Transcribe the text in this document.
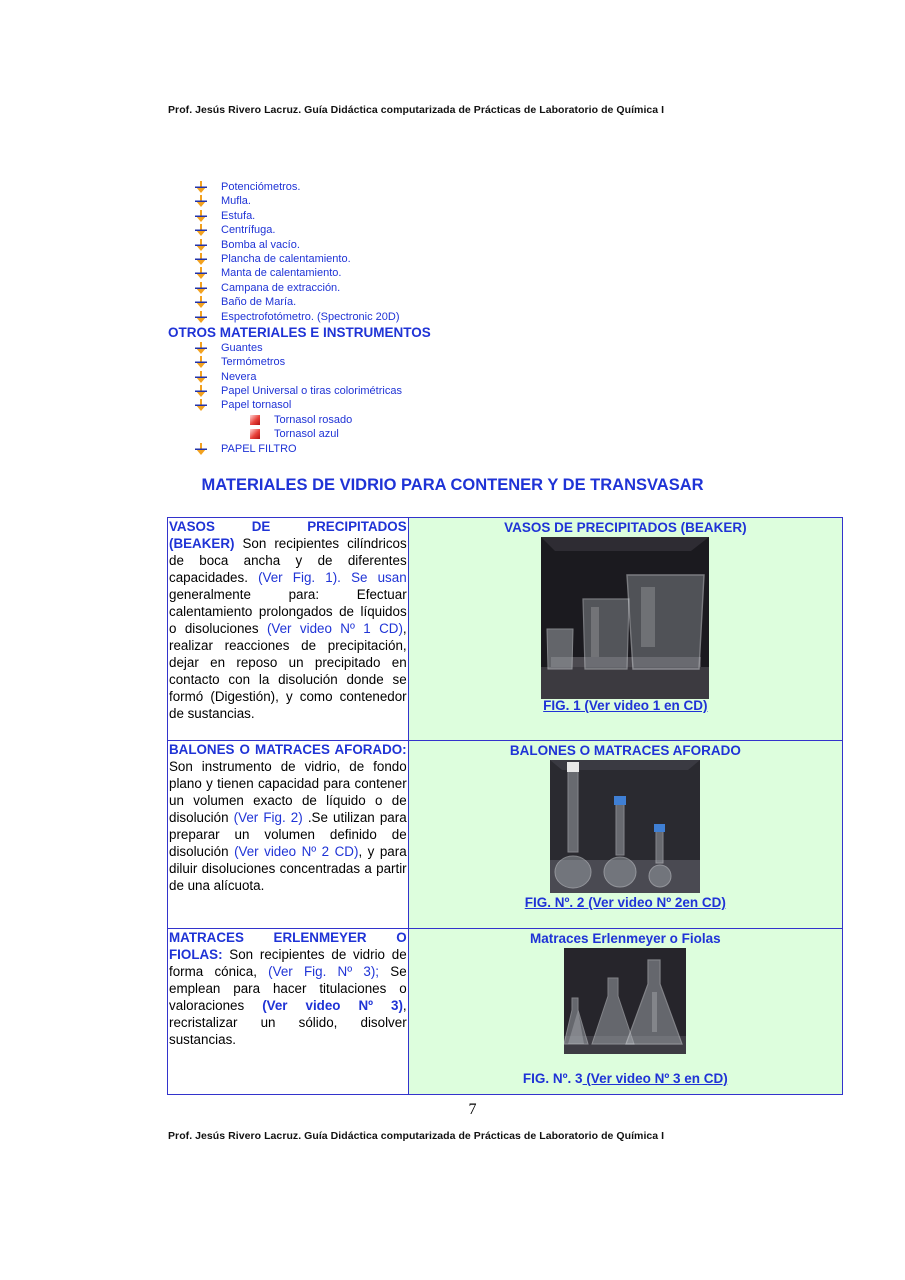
Prof. Jesús Rivero Lacruz. Guía Didáctica computarizada de Prácticas de Laboratorio de Química I
Potenciómetros.
Mufla.
Estufa.
Centrífuga.
Bomba al vacío.
Plancha de calentamiento.
Manta de calentamiento.
Campana de extracción.
Baño de María.
Espectrofotómetro. (Spectronic 20D)
OTROS MATERIALES E INSTRUMENTOS
Guantes
Termómetros
Nevera
Papel Universal o tiras colorimétricas
Papel tornasol
Tornasol rosado
Tornasol azul
PAPEL FILTRO
MATERIALES DE VIDRIO PARA CONTENER Y DE TRANSVASAR
VASOS DE PRECIPITADOS (BEAKER) Son recipientes cilíndricos de boca ancha y de diferentes capacidades. (Ver Fig. 1). Se usan generalmente para: Efectuar calentamiento prolongados de líquidos o disoluciones (Ver video Nº 1 CD), realizar reacciones de precipitación, dejar en reposo un precipitado en contacto con la disolución donde se formó (Digestión), y como contenedor de sustancias.	VASOS DE PRECIPITADOS (BEAKER)
FIG. 1 (Ver video 1 en CD)

BALONES O MATRACES AFORADO: Son instrumento de vidrio, de fondo plano y tienen capacidad para contener un volumen exacto de líquido o de disolución (Ver Fig. 2) .Se utilizan para preparar un volumen definido de disolución (Ver video Nº 2 CD), y para diluir disoluciones concentradas a partir de una alícuota.	BALONES O MATRACES AFORADO
FIG. Nº. 2 (Ver video Nº 2en CD)

MATRACES ERLENMEYER O FIOLAS: Son recipientes de vidrio de forma cónica, (Ver Fig. Nº 3); Se emplean para hacer titulaciones o valoraciones (Ver video Nº 3), recristalizar un sólido, disolver sustancias.	Matraces Erlenmeyer o Fiolas
FIG. Nº. 3 (Ver video Nº 3 en CD)
7
Prof. Jesús Rivero Lacruz. Guía Didáctica computarizada de Prácticas de Laboratorio de Química I
